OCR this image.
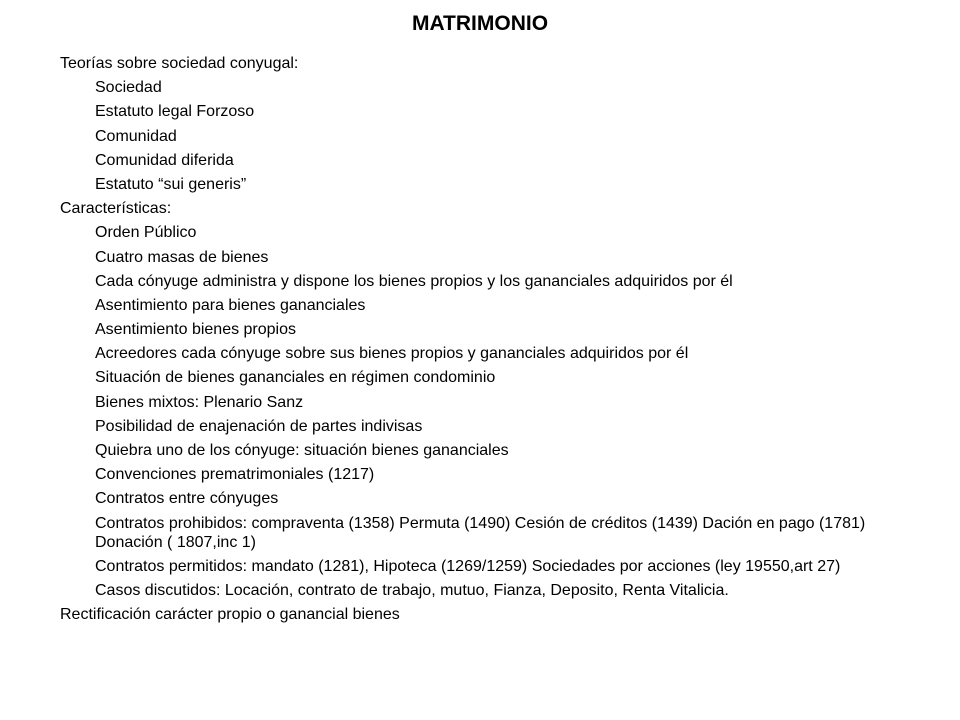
MATRIMONIO
Teorías sobre sociedad conyugal:
Sociedad
Estatuto legal Forzoso
Comunidad
Comunidad diferida
Estatuto “sui generis”
Características:
Orden Público
Cuatro masas de bienes
Cada cónyuge administra y dispone los bienes propios y los gananciales adquiridos por él
Asentimiento para bienes gananciales
Asentimiento bienes propios
Acreedores cada cónyuge sobre sus bienes propios y gananciales adquiridos por él
Situación de bienes gananciales en régimen condominio
Bienes mixtos: Plenario Sanz
Posibilidad de enajenación de partes indivisas
Quiebra uno de los cónyuge: situación bienes gananciales
Convenciones prematrimoniales (1217)
Contratos entre cónyuges
Contratos prohibidos: compraventa (1358) Permuta (1490) Cesión de créditos (1439) Dación en pago (1781) Donación ( 1807,inc 1)
Contratos permitidos: mandato (1281), Hipoteca (1269/1259) Sociedades por acciones (ley 19550,art 27)
Casos discutidos: Locación, contrato de trabajo, mutuo, Fianza, Deposito, Renta Vitalicia.
Rectificación carácter propio o ganancial bienes
